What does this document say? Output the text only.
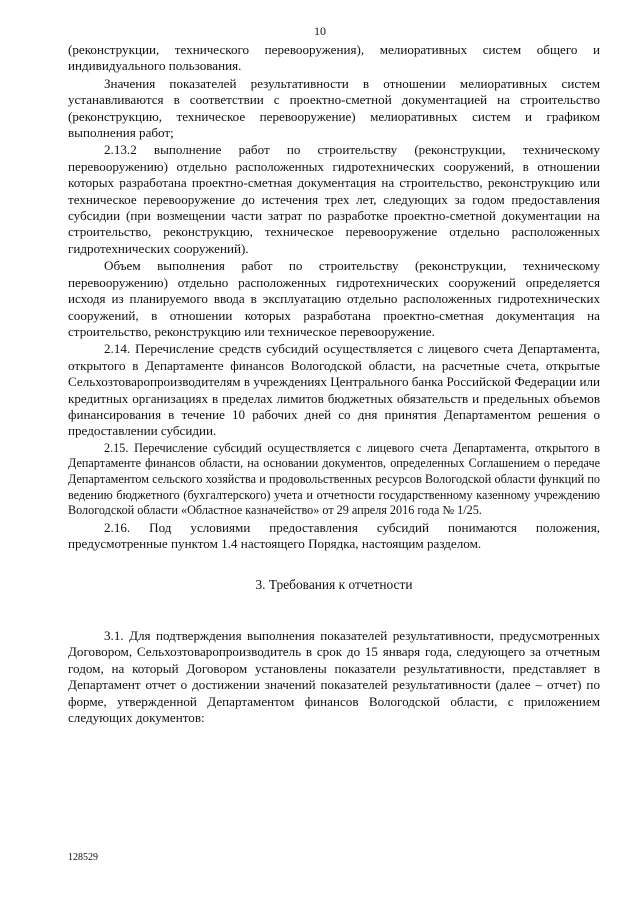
10

(реконструкции, технического перевооружения), мелиоративных систем общего и индивидуального пользования.

Значения показателей результативности в отношении мелиоративных систем устанавливаются в соответствии с проектно-сметной документацией на строительство (реконструкцию, техническое перевооружение) мелиоративных систем и графиком выполнения работ;

2.13.2 выполнение работ по строительству (реконструкции, техническому перевооружению) отдельно расположенных гидротехнических сооружений, в отношении которых разработана проектно-сметная документация на строительство, реконструкцию или техническое перевооружение до истечения трех лет, следующих за годом предоставления субсидии (при возмещении части затрат по разработке проектно-сметной документации на строительство, реконструкцию, техническое перевооружение отдельно расположенных гидротехнических сооружений).

Объем выполнения работ по строительству (реконструкции, техническому перевооружению) отдельно расположенных гидротехнических сооружений определяется исходя из планируемого ввода в эксплуатацию отдельно расположенных гидротехнических сооружений, в отношении которых разработана проектно-сметная документация на строительство, реконструкцию или техническое перевооружение.

2.14. Перечисление средств субсидий осуществляется с лицевого счета Департамента, открытого в Департаменте финансов Вологодской области, на расчетные счета, открытые Сельхозтоваропроизводителям в учреждениях Центрального банка Российской Федерации или кредитных организациях в пределах лимитов бюджетных обязательств и предельных объемов финансирования в течение 10 рабочих дней со дня принятия Департаментом решения о предоставлении субсидии.

2.15. Перечисление субсидий осуществляется с лицевого счета Департамента, открытого в Департаменте финансов области, на основании документов, определенных Соглашением о передаче Департаментом сельского хозяйства и продовольственных ресурсов Вологодской области функций по ведению бюджетного (бухгалтерского) учета и отчетности государственному казенному учреждению Вологодской области «Областное казначейство» от 29 апреля 2016 года № 1/25.

2.16. Под условиями предоставления субсидий понимаются положения, предусмотренные пунктом 1.4 настоящего Порядка, настоящим разделом.

3. Требования к отчетности

3.1. Для подтверждения выполнения показателей результативности, предусмотренных Договором, Сельхозтоваропроизводитель в срок до 15 января года, следующего за отчетным годом, на который Договором установлены показатели результативности, представляет в Департамент отчет о достижении значений показателей результативности (далее – отчет) по форме, утвержденной Департаментом финансов Вологодской области, с приложением следующих документов:

128529
